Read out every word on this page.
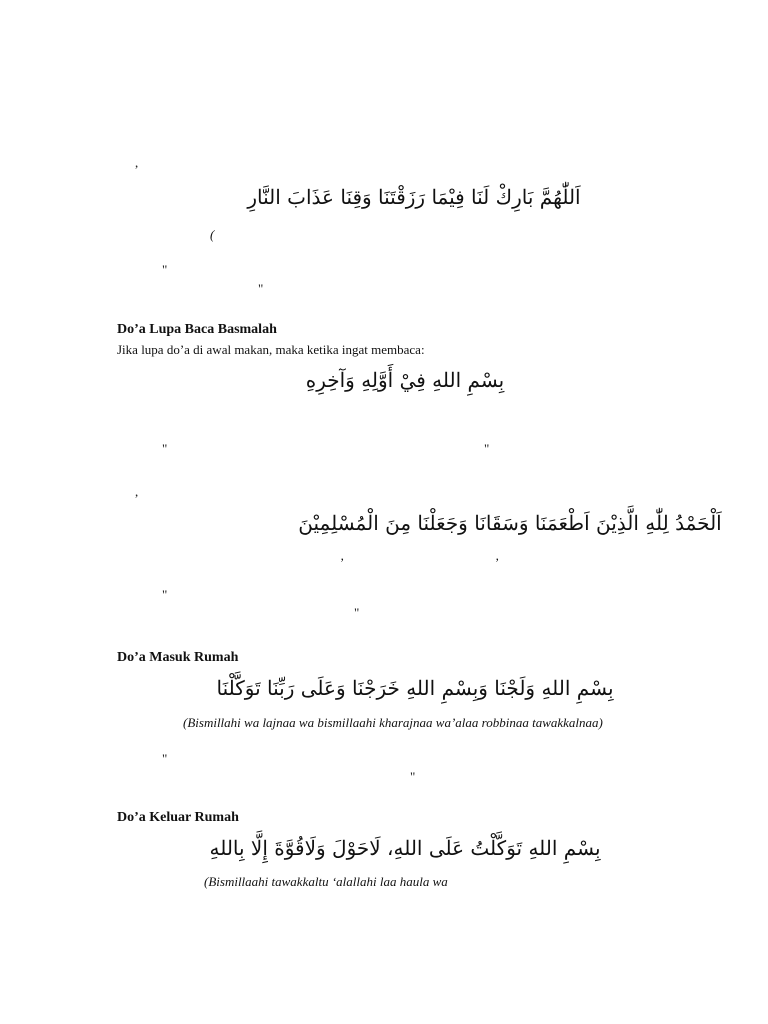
,
اَللّٰهُمَّ بَارِكْ لَنَا فِيْمَا رَزَقْتَنَا وَقِنَا عَذَابَ النَّارِ
(
"
"
Do’a Lupa Baca Basmalah
Jika lupa do’a di awal makan, maka ketika ingat membaca:
بِسْمِ اللهِ فِيْ أَوَّلِهِ وَآخِرِهِ
"	"
,
اَلْحَمْدُ لِلّٰهِ الَّذِيْنَ اَطْعَمَنَا وَسَقَانَا وَجَعَلْنَا مِنَ الْمُسْلِمِيْنَ
‚	‚
"
"
Do’a Masuk Rumah
بِسْمِ اللهِ وَلَجْنَا وَبِسْمِ اللهِ خَرَجْنَا وَعَلَى رَبِّنَا تَوَكَّلْنَا
(Bismillahi wa lajnaa wa bismillaahi kharajnaa wa’alaa robbinaa tawakkalnaa)
"
"
Do’a Keluar Rumah
بِسْمِ اللهِ تَوَكَّلْتُ عَلَى اللهِ، لَاحَوْلَ وَلَاقُوَّةَ إِلَّا بِاللهِ
(Bismillaahi tawakkaltu ‘alallahi laa haula wa
